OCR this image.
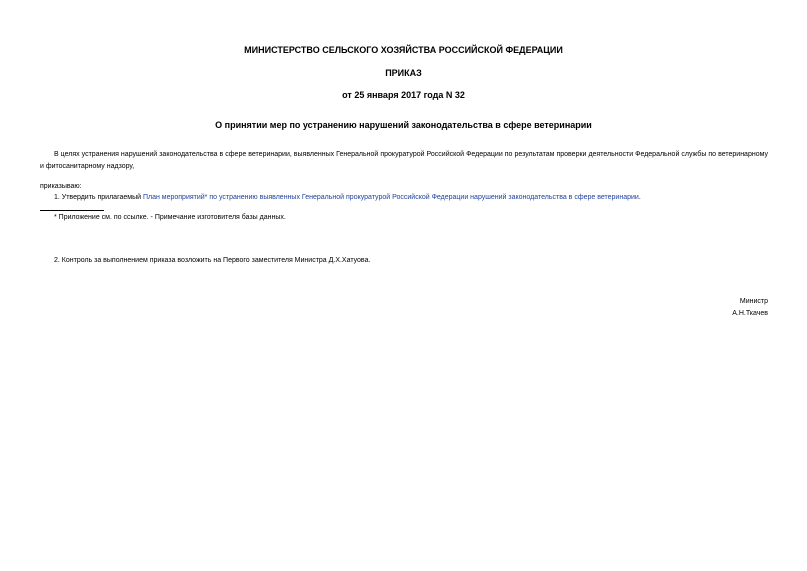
МИНИСТЕРСТВО СЕЛЬСКОГО ХОЗЯЙСТВА РОССИЙСКОЙ ФЕДЕРАЦИИ
ПРИКАЗ
от 25 января 2017 года N 32
О принятии мер по устранению нарушений законодательства в сфере ветеринарии
В целях устранения нарушений законодательства в сфере ветеринарии, выявленных Генеральной прокуратурой Российской Федерации по результатам проверки деятельности Федеральной службы по ветеринарному и фитосанитарному надзору,
приказываю:
1. Утвердить прилагаемый План мероприятий* по устранению выявленных Генеральной прокуратурой Российской Федерации нарушений законодательства в сфере ветеринарии.
* Приложение см. по ссылке. - Примечание изготовителя базы данных.
2. Контроль за выполнением приказа возложить на Первого заместителя Министра Д.Х.Хатуова.
Министр
А.Н.Ткачев
